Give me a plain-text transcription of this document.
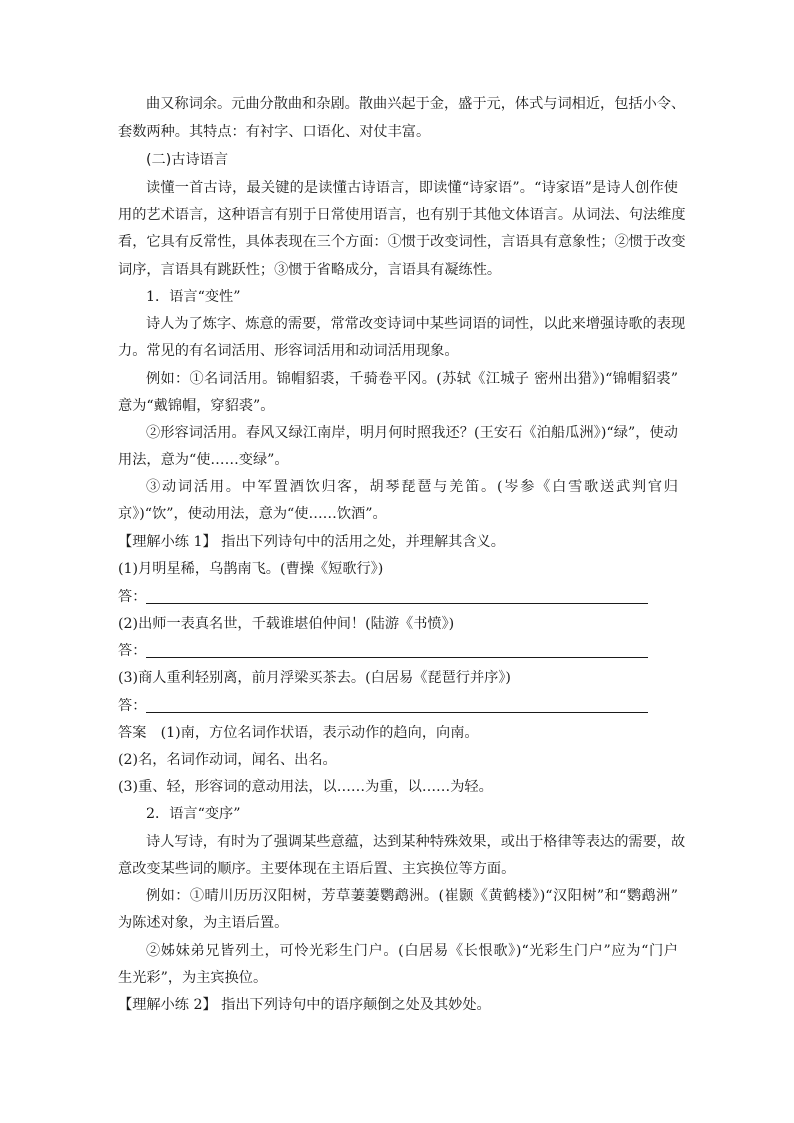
曲又称词余。元曲分散曲和杂剧。散曲兴起于金，盛于元，体式与词相近，包括小令、
套数两种。其特点：有衬字、口语化、对仗丰富。
(二)古诗语言
读懂一首古诗，最关键的是读懂古诗语言，即读懂“诗家语”。“诗家语”是诗人创作使
用的艺术语言，这种语言有别于日常使用语言，也有别于其他文体语言。从词法、句法维度
看，它具有反常性，具体表现在三个方面：①惯于改变词性，言语具有意象性；②惯于改变
词序，言语具有跳跃性；③惯于省略成分，言语具有凝练性。
1．语言“变性”
诗人为了炼字、炼意的需要，常常改变诗词中某些词语的词性，以此来增强诗歌的表现
力。常见的有名词活用、形容词活用和动词活用现象。
例如：①名词活用。锦帽貂裘，千骑卷平冈。(苏轼《江城子 密州出猎》)“锦帽貂裘”
意为“戴锦帽，穿貂裘”。
②形容词活用。春风又绿江南岸，明月何时照我还？(王安石《泊船瓜洲》)“绿”，使动
用法，意为“使……变绿”。
③动词活用。中军置酒饮归客，胡琴琵琶与羌笛。(岑参《白雪歌送武判官归
京》)“饮”，使动用法，意为“使……饮酒”。
【理解小练 1】 指出下列诗句中的活用之处，并理解其含义。
(1)月明星稀，乌鹊南飞。(曹操《短歌行》)
答：
(2)出师一表真名世，千载谁堪伯仲间！(陆游《书愤》)
答：
(3)商人重利轻别离，前月浮梁买茶去。(白居易《琵琶行并序》)
答：
答案　(1)南，方位名词作状语，表示动作的趋向，向南。
(2)名，名词作动词，闻名、出名。
(3)重、轻，形容词的意动用法，以……为重，以……为轻。
2．语言“变序”
诗人写诗，有时为了强调某些意蕴，达到某种特殊效果，或出于格律等表达的需要，故
意改变某些词的顺序。主要体现在主语后置、主宾换位等方面。
例如：①晴川历历汉阳树，芳草萋萋鹦鹉洲。(崔颢《黄鹤楼》)“汉阳树”和“鹦鹉洲”
为陈述对象，为主语后置。
②姊妹弟兄皆列土，可怜光彩生门户。(白居易《长恨歌》)“光彩生门户”应为“门户
生光彩”，为主宾换位。
【理解小练 2】 指出下列诗句中的语序颠倒之处及其妙处。
